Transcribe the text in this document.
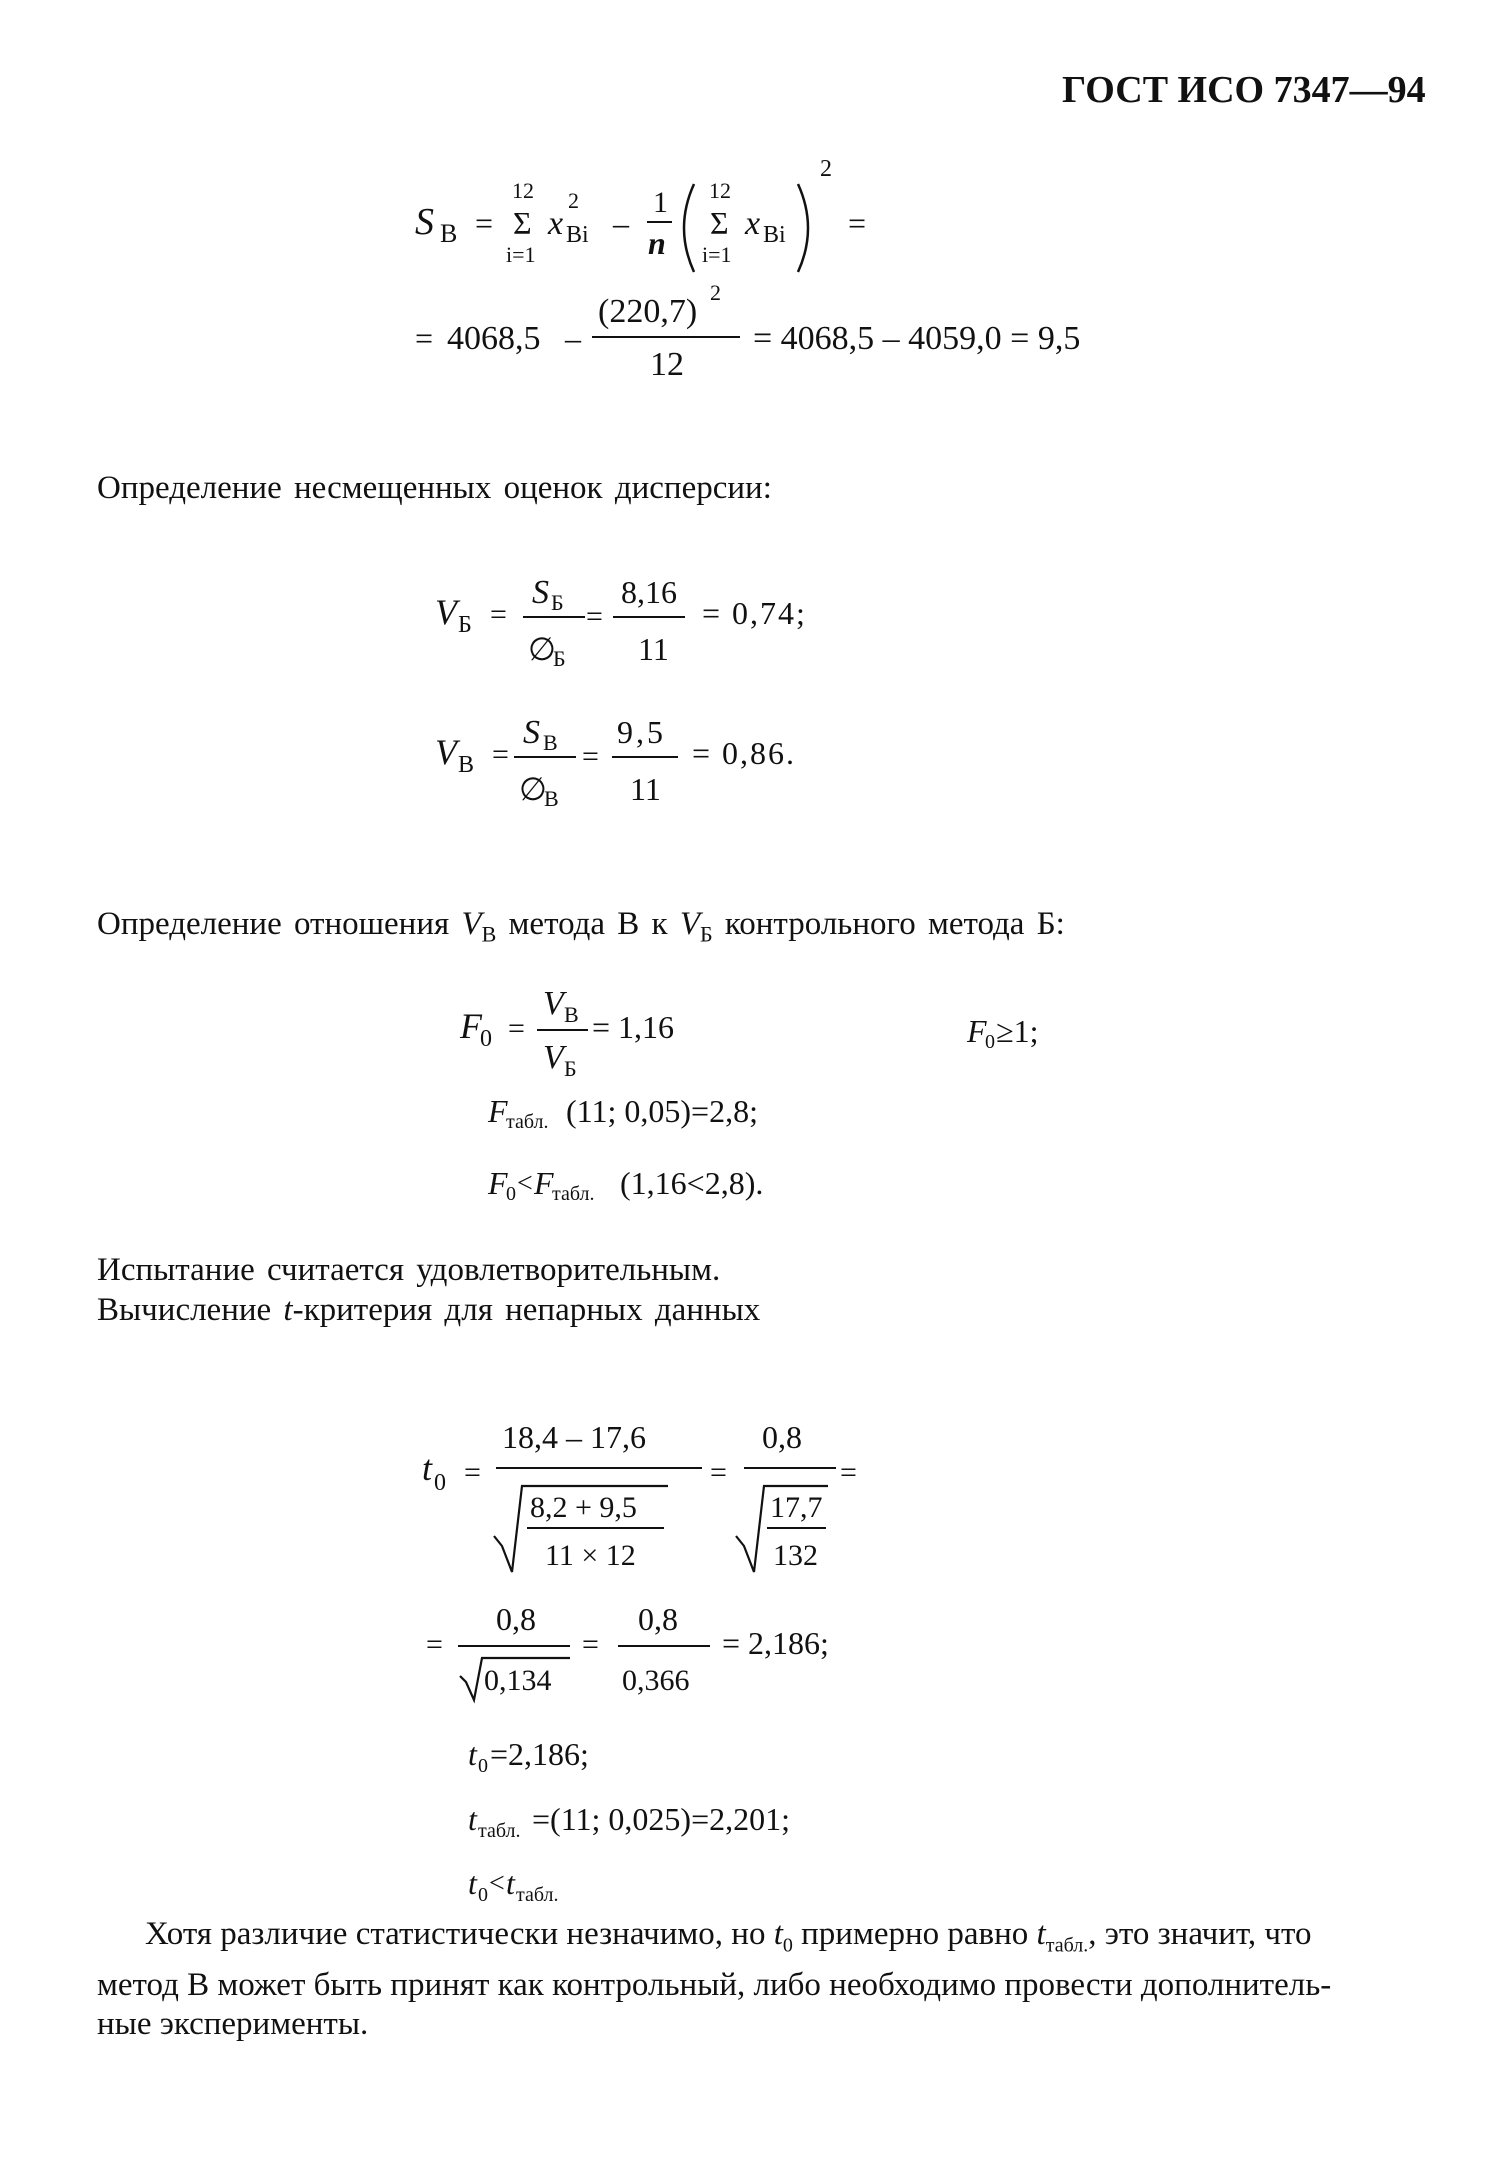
ГОСТ ИСО 7347—94
S В =
12
Σ
i=1
x
2
Вi –
1
n
12
Σ
i=1
x Вi
2
=
= 4068,5 –
(220,7)
2
12
= 4068,5 – 4059,0 = 9,5
Определение несмещенных оценок дисперсии:
V Б =
S Б
∅
Б
=
8,16
11
= 0,74;
V В =
S В
∅
В
=
9,5
11
= 0,86.
Определение отношения $V_В$ метода В к $V_Б$ контрольного метода Б:
F
0 =
V В
V Б
= 1,16	F
0 ≥1;
F
табл. (11; 0,05)=2,8;
F
0 < F
табл. (1,16<2,8).
Испытание считается удовлетворительным.
Вычисление t-критерия для непарных данных
t 0 =
18,4 – 17,6
8,2 + 9,5
11 × 12
=
0,8
17,7
132
=
=
0,8
0,134
=
0,8
0,366
= 2,186;
t 0 =2,186;
t табл. =(11; 0,025)=2,201;
t 0 < t табл.
Хотя различие статистически незначимо, но $t_0$ примерно равно $t_{табл.}$, это значит, что
метод В может быть принят как контрольный, либо необходимо провести дополнитель-
ные эксперименты.
